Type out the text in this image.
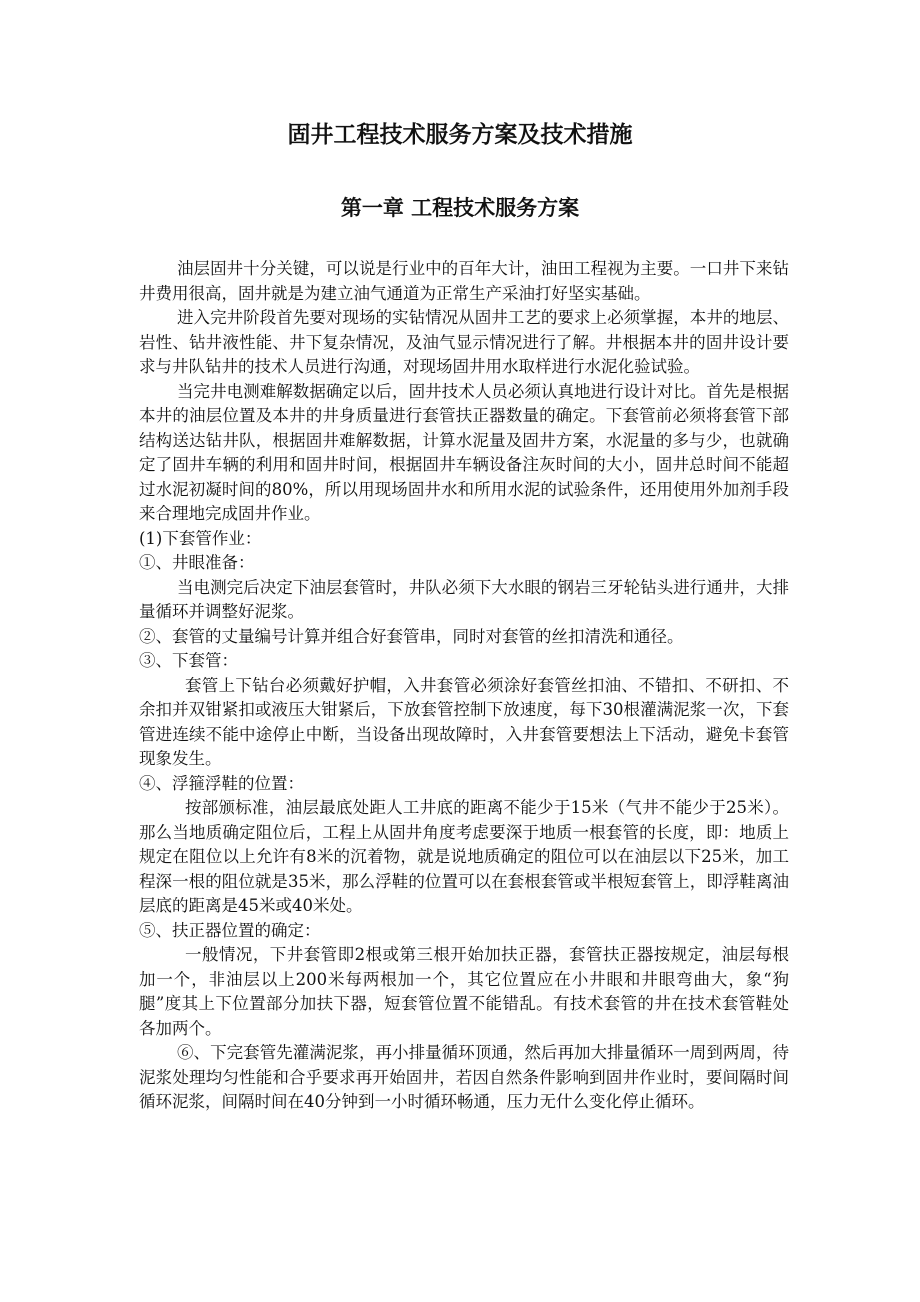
固井工程技术服务方案及技术措施
第一章 工程技术服务方案

油层固井十分关键，可以说是行业中的百年大计，油田工程视为主要。一口井下来钻井费用很高，固井就是为建立油气通道为正常生产采油打好坚实基础。

进入完井阶段首先要对现场的实钻情况从固井工艺的要求上必须掌握，本井的地层、岩性、钻井液性能、井下复杂情况，及油气显示情况进行了解。井根据本井的固井设计要求与井队钻井的技术人员进行沟通，对现场固井用水取样进行水泥化验试验。

当完井电测难解数据确定以后，固井技术人员必须认真地进行设计对比。首先是根据本井的油层位置及本井的井身质量进行套管扶正器数量的确定。下套管前必须将套管下部结构送达钻井队，根据固井难解数据，计算水泥量及固井方案，水泥量的多与少，也就确定了固井车辆的利用和固井时间，根据固井车辆设备注灰时间的大小，固井总时间不能超过水泥初凝时间的80%，所以用现场固井水和所用水泥的试验条件，还用使用外加剂手段来合理地完成固井作业。

(1)下套管作业：

①、井眼准备：

当电测完后决定下油层套管时，井队必须下大水眼的钢岩三牙轮钻头进行通井，大排量循环并调整好泥浆。

②、套管的丈量编号计算并组合好套管串，同时对套管的丝扣清洗和通径。

③、下套管：

套管上下钻台必须戴好护帽，入井套管必须涂好套管丝扣油、不错扣、不研扣、不余扣并双钳紧扣或液压大钳紧后，下放套管控制下放速度，每下30根灌满泥浆一次，下套管进连续不能中途停止中断，当设备出现故障时，入井套管要想法上下活动，避免卡套管现象发生。

④、浮箍浮鞋的位置：

按部颁标准，油层最底处距人工井底的距离不能少于15米（气井不能少于25米）。那么当地质确定阻位后，工程上从固井角度考虑要深于地质一根套管的长度，即：地质上规定在阻位以上允许有8米的沉着物，就是说地质确定的阻位可以在油层以下25米，加工程深一根的阻位就是35米，那么浮鞋的位置可以在套根套管或半根短套管上，即浮鞋离油层底的距离是45米或40米处。

⑤、扶正器位置的确定：

一般情况，下井套管即2根或第三根开始加扶正器，套管扶正器按规定，油层每根加一个，非油层以上200米每两根加一个，其它位置应在小井眼和井眼弯曲大，象“狗腿”度其上下位置部分加扶下器，短套管位置不能错乱。有技术套管的井在技术套管鞋处各加两个。

⑥、下完套管先灌满泥浆，再小排量循环顶通，然后再加大排量循环一周到两周，待泥浆处理均匀性能和合乎要求再开始固井，若因自然条件影响到固井作业时，要间隔时间循环泥浆，间隔时间在40分钟到一小时循环畅通，压力无什么变化停止循环。
